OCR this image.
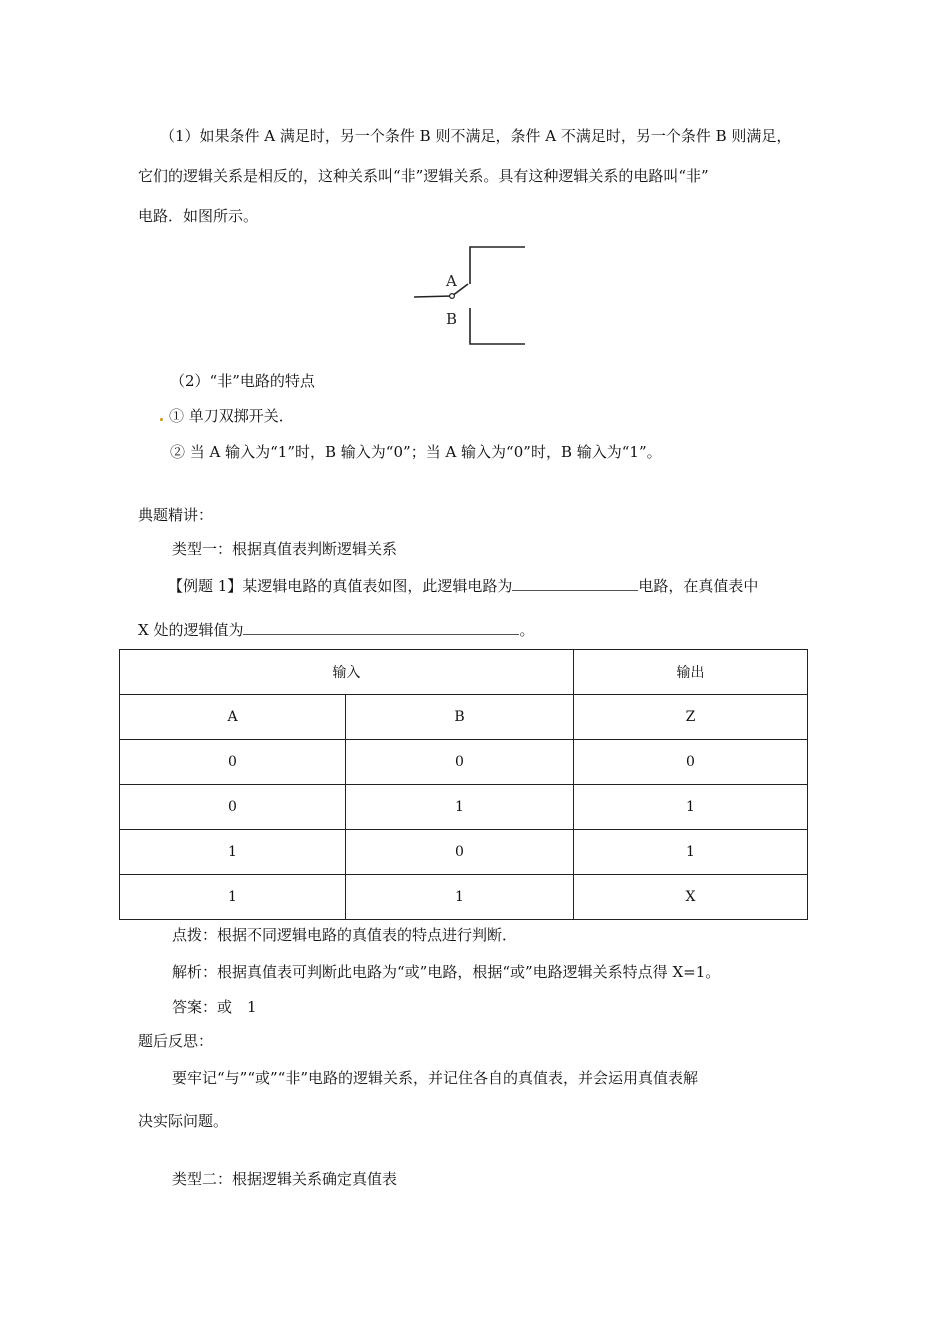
（1）如果条件 A 满足时，另一个条件 B 则不满足，条件 A 不满足时，另一个条件 B 则满足，
它们的逻辑关系是相反的，这种关系叫“非”逻辑关系。具有这种逻辑关系的电路叫“非”
电路．如图所示。
A
B
（2）“非”电路的特点
① 单刀双掷开关．
② 当 A 输入为“1”时，B 输入为“0”；当 A 输入为“0”时，B 输入为“1”。
典题精讲：
类型一：根据真值表判断逻辑关系
【例题 1】某逻辑电路的真值表如图，此逻辑电路为	电路，在真值表中
X 处的逻辑值为	。
输入		输出
A	B	Z
0	0	0
0	1	1
1	0	1
1	1	X
点拨：根据不同逻辑电路的真值表的特点进行判断．
解析：根据真值表可判断此电路为“或”电路，根据“或”电路逻辑关系特点得 X=1。
答案：或　1
题后反思：
要牢记“与”“或”“非”电路的逻辑关系，并记住各自的真值表，并会运用真值表解
决实际问题。
类型二：根据逻辑关系确定真值表
